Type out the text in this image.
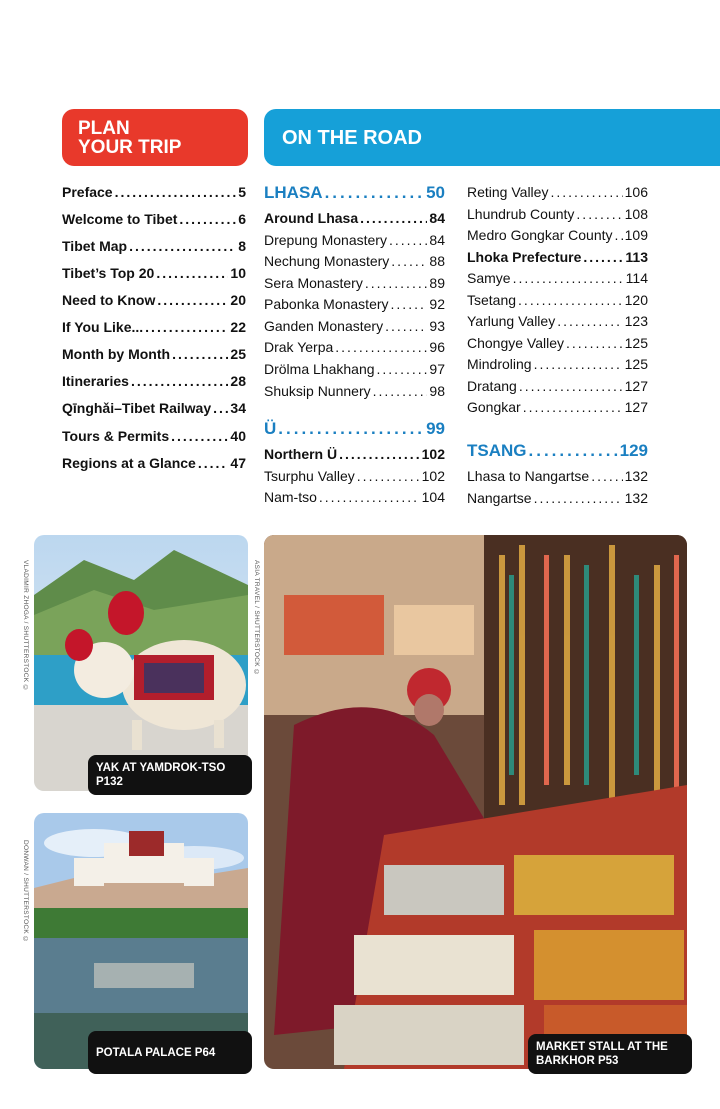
PLAN
YOUR TRIP	ON THE ROAD
Preface .....	5
Welcome to Tibet .....	6
Tibet Map .....	8
Tibet’s Top 20 .....	10
Need to Know .....	20
If You Like... .....	22
Month by Month .....	25
Itineraries .....	28
Qīnghǎi–Tibet Railway ..... 34
Tours & Permits .....	40
Regions at a Glance ..... 47
LHASA .....	50
Around Lhasa .....	84
Drepung Monastery .....	84
Nechung Monastery .....	88
Sera Monastery .....	89
Pabonka Monastery .....	92
Ganden Monastery .....	93
Drak Yerpa .....	96
Drölma Lhakhang .....	97
Shuksip Nunnery .....	98
Ü .....	99
Northern Ü .....	102
Tsurphu Valley .....	102
Nam-tso .....	104
Reting Valley .....	106
Lhundrub County .....	108
Medro Gongkar County ..... 109
Lhoka Prefecture .....	113
Samye .....	114
Tsetang .....	120
Yarlung Valley .....	123
Chongye Valley .....	125
Mindroling .....	125
Dratang .....	127
Gongkar .....	127
TSANG .....	129
Lhasa to Nangartse .....	132
Nangartse .....	132
VLADIMIR ZHOGA / SHUTTERSTOCK ©
YAK AT YAMDROK-TSO P132
DONWAN / SHUTTERSTOCK ©
POTALA PALACE P64
ASIA TRAVEL / SHUTTERSTOCK ©
MARKET STALL AT THE
BARKHOR P53
